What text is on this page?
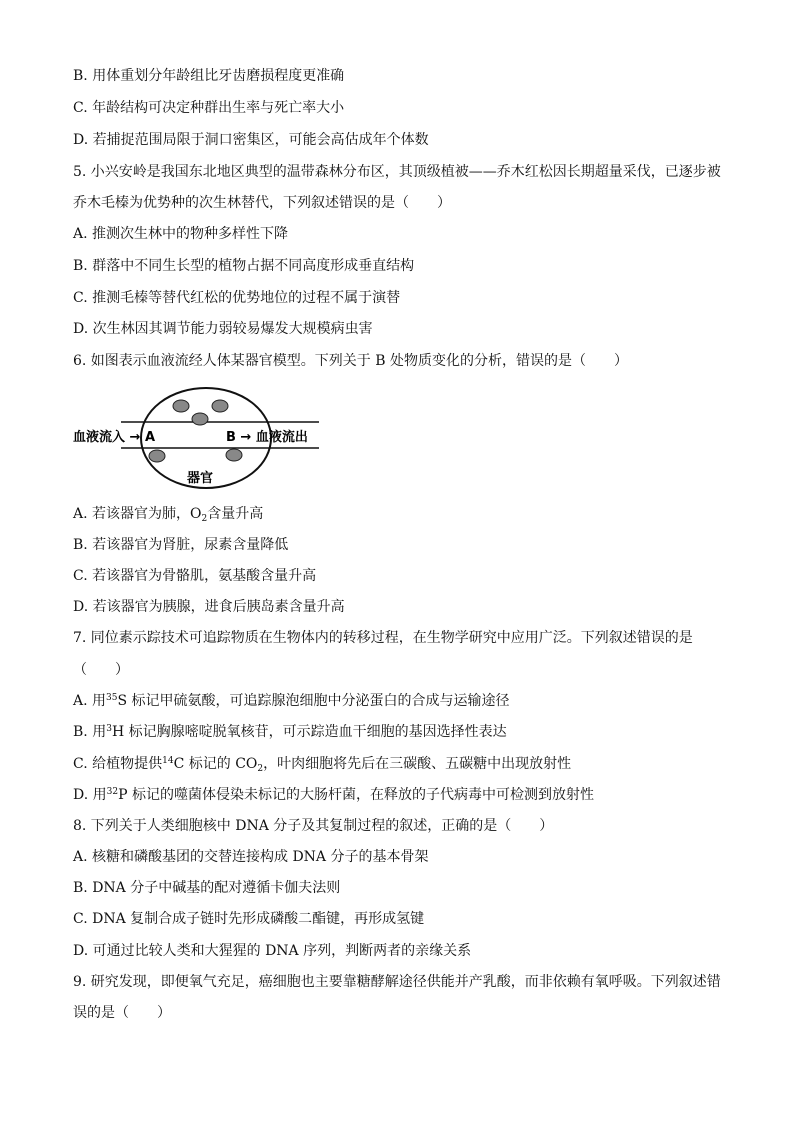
B. 用体重划分年龄组比牙齿磨损程度更准确
C. 年龄结构可决定种群出生率与死亡率大小
D. 若捕捉范围局限于洞口密集区，可能会高估成年个体数
5. 小兴安岭是我国东北地区典型的温带森林分布区，其顶级植被——乔木红松因长期超量采伐，已逐步被
乔木毛榛为优势种的次生林替代，下列叙述错误的是（　　）
A. 推测次生林中的物种多样性下降
B. 群落中不同生长型的植物占据不同高度形成垂直结构
C. 推测毛榛等替代红松的优势地位的过程不属于演替
D. 次生林因其调节能力弱较易爆发大规模病虫害
6. 如图表示血液流经人体某器官模型。下列关于 B 处物质变化的分析，错误的是（　　）
血液流入 → A	B → 血液流出
器官
A. 若该器官为肺，$O_2$含量升高
B. 若该器官为肾脏，尿素含量降低
C. 若该器官为骨骼肌，氨基酸含量升高
D. 若该器官为胰腺，进食后胰岛素含量升高
7. 同位素示踪技术可追踪物质在生物体内的转移过程，在生物学研究中应用广泛。下列叙述错误的是
（　　）
A. 用$^{35}$S 标记甲硫氨酸，可追踪腺泡细胞中分泌蛋白的合成与运输途径
B. 用$^3$H 标记胸腺嘧啶脱氧核苷，可示踪造血干细胞的基因选择性表达
C. 给植物提供$^{14}$C 标记的 $CO_2$，叶肉细胞将先后在三碳酸、五碳糖中出现放射性
D. 用$^{32}$P 标记的噬菌体侵染未标记的大肠杆菌，在释放的子代病毒中可检测到放射性
8. 下列关于人类细胞核中 DNA 分子及其复制过程的叙述，正确的是（　　）
A. 核糖和磷酸基团的交替连接构成 DNA 分子的基本骨架
B. DNA 分子中碱基的配对遵循卡伽夫法则
C. DNA 复制合成子链时先形成磷酸二酯键，再形成氢键
D. 可通过比较人类和大猩猩的 DNA 序列，判断两者的亲缘关系
9. 研究发现，即便氧气充足，癌细胞也主要靠糖酵解途径供能并产乳酸，而非依赖有氧呼吸。下列叙述错
误的是（　　）
